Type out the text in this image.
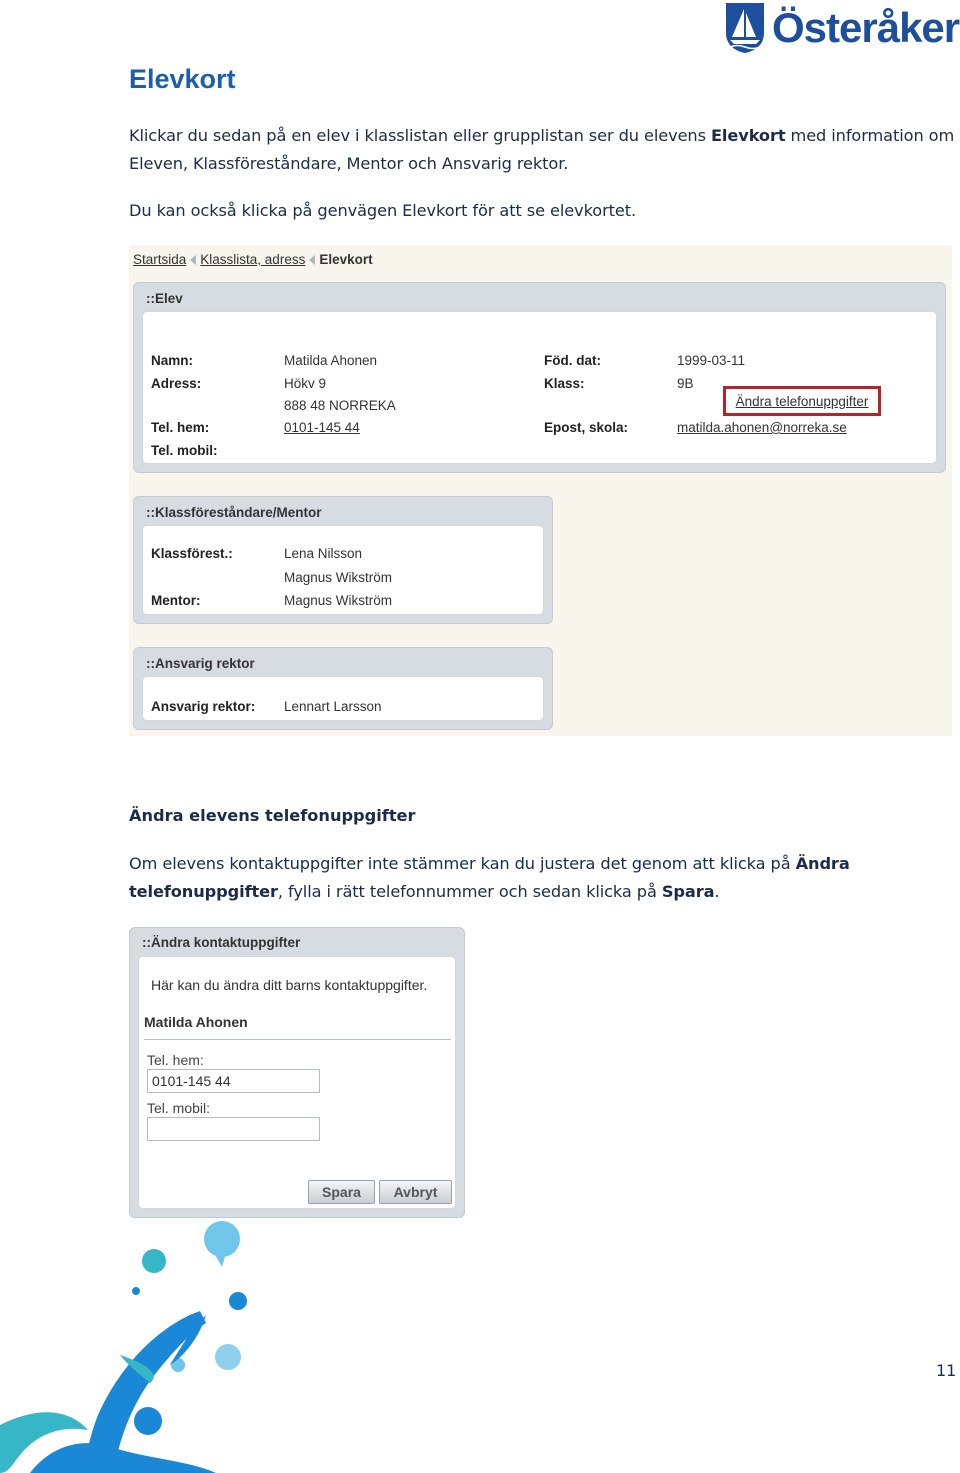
Österåker
Elevkort

Klickar du sedan på en elev i klasslistan eller grupplistan ser du elevens Elevkort med information om Eleven, Klassföreståndare, Mentor och Ansvarig rektor.

Du kan också klicka på genvägen Elevkort för att se elevkortet.

Startsida Klasslista, adress Elevkort
::Elev
Ändra telefonuppgifter
Namn:	Matilda Ahonen
Adress:	Hökv 9
888 48 NORREKA
Tel. hem:	0101-145 44
Tel. mobil:
Föd. dat:	1999-03-11
Klass:	9B
Epost, skola:	matilda.ahonen@norreka.se
::Klassföreståndare/Mentor
Klassförest.:	Lena Nilsson
Magnus Wikström
Mentor:	Magnus Wikström
::Ansvarig rektor
Ansvarig rektor: Lennart Larsson
Ändra elevens telefonuppgifter

Om elevens kontaktuppgifter inte stämmer kan du justera det genom att klicka på Ändra telefonuppgifter, fylla i rätt telefonnummer och sedan klicka på Spara.

::Ändra kontaktuppgifter
Här kan du ändra ditt barns kontaktuppgifter.
Matilda Ahonen
Tel. hem:
0101-145 44
Tel. mobil:
Spara	Avbryt
11
